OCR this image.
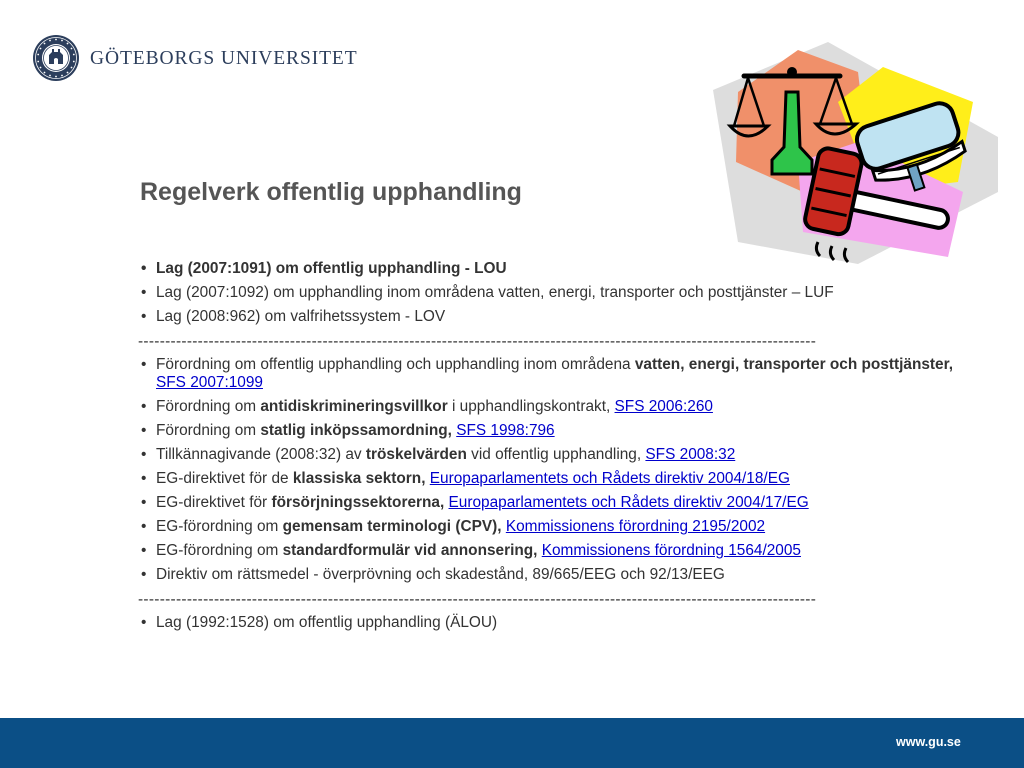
GÖTEBORGS UNIVERSITET
Regelverk offentlig upphandling
• Lag (2007:1091) om offentlig upphandling - LOU
• Lag (2007:1092) om upphandling inom områdena vatten, energi, transporter och posttjänster – LUF
• Lag (2008:962) om valfrihetssystem - LOV
-----------------------------------------------------------------------------------------------------------------------------
• Förordning om offentlig upphandling och upphandling inom områdena vatten, energi, transporter och posttjänster, SFS 2007:1099
• Förordning om antidiskrimineringsvillkor i upphandlingskontrakt, SFS 2006:260
• Förordning om statlig inköpssamordning, SFS 1998:796
• Tillkännagivande (2008:32) av tröskelvärden vid offentlig upphandling, SFS 2008:32
• EG-direktivet för de klassiska sektorn, Europaparlamentets och Rådets direktiv 2004/18/EG
• EG-direktivet för försörjningssektorerna, Europaparlamentets och Rådets direktiv 2004/17/EG
• EG-förordning om gemensam terminologi (CPV), Kommissionens förordning 2195/2002
• EG-förordning om standardformulär vid annonsering, Kommissionens förordning 1564/2005
• Direktiv om rättsmedel - överprövning och skadestånd, 89/665/EEG och 92/13/EEG
-----------------------------------------------------------------------------------------------------------------------------
• Lag (1992:1528) om offentlig upphandling (ÄLOU)
www.gu.se
